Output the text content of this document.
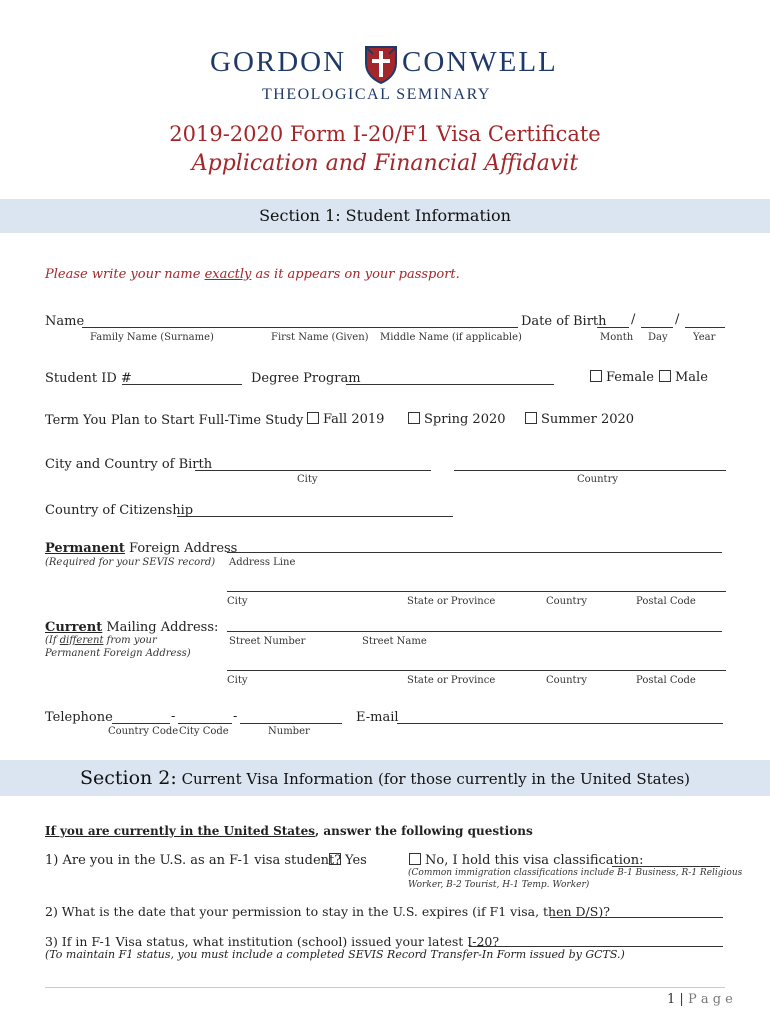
GORDON CONWELL
THEOLOGICAL SEMINARY
2019-2020 Form I-20/F1 Visa Certificate
Application and Financial Affidavit
Section 1: Student Information
Please write your name exactly as it appears on your passport.
Name	Date of Birth /	/
Family Name (Surname)	First Name (Given) Middle Name (if applicable)	Month Day	Year
Student ID #	Degree Program	Female	Male
Term You Plan to Start Full-Time Study	Fall 2019	Spring 2020	Summer 2020
City and Country of Birth
City	Country
Country of Citizenship
Permanent Foreign Address
(Required for your SEVIS record) Address Line
City	State or Province	Country	Postal Code
Current Mailing Address:
(If different from your
Permanent Foreign Address)
Street Number	Street Name
City	State or Province	Country	Postal Code
Telephone	-	-
Country Code City Code	Number
E-mail
Section 2: Current Visa Information (for those currently in the United States)
If you are currently in the United States, answer the following questions
1) Are you in the U.S. as an F-1 visa student? Yes	No, I hold this visa classification:
(Common immigration classifications include B-1 Business, R-1 Religious
Worker, B-2 Tourist, H-1 Temp. Worker)
2) What is the date that your permission to stay in the U.S. expires (if F1 visa, then D/S)?
3) If in F-1 Visa status, what institution (school) issued your latest I-20?
(To maintain F1 status, you must include a completed SEVIS Record Transfer-In Form issued by GCTS.)
1 | P a g e
